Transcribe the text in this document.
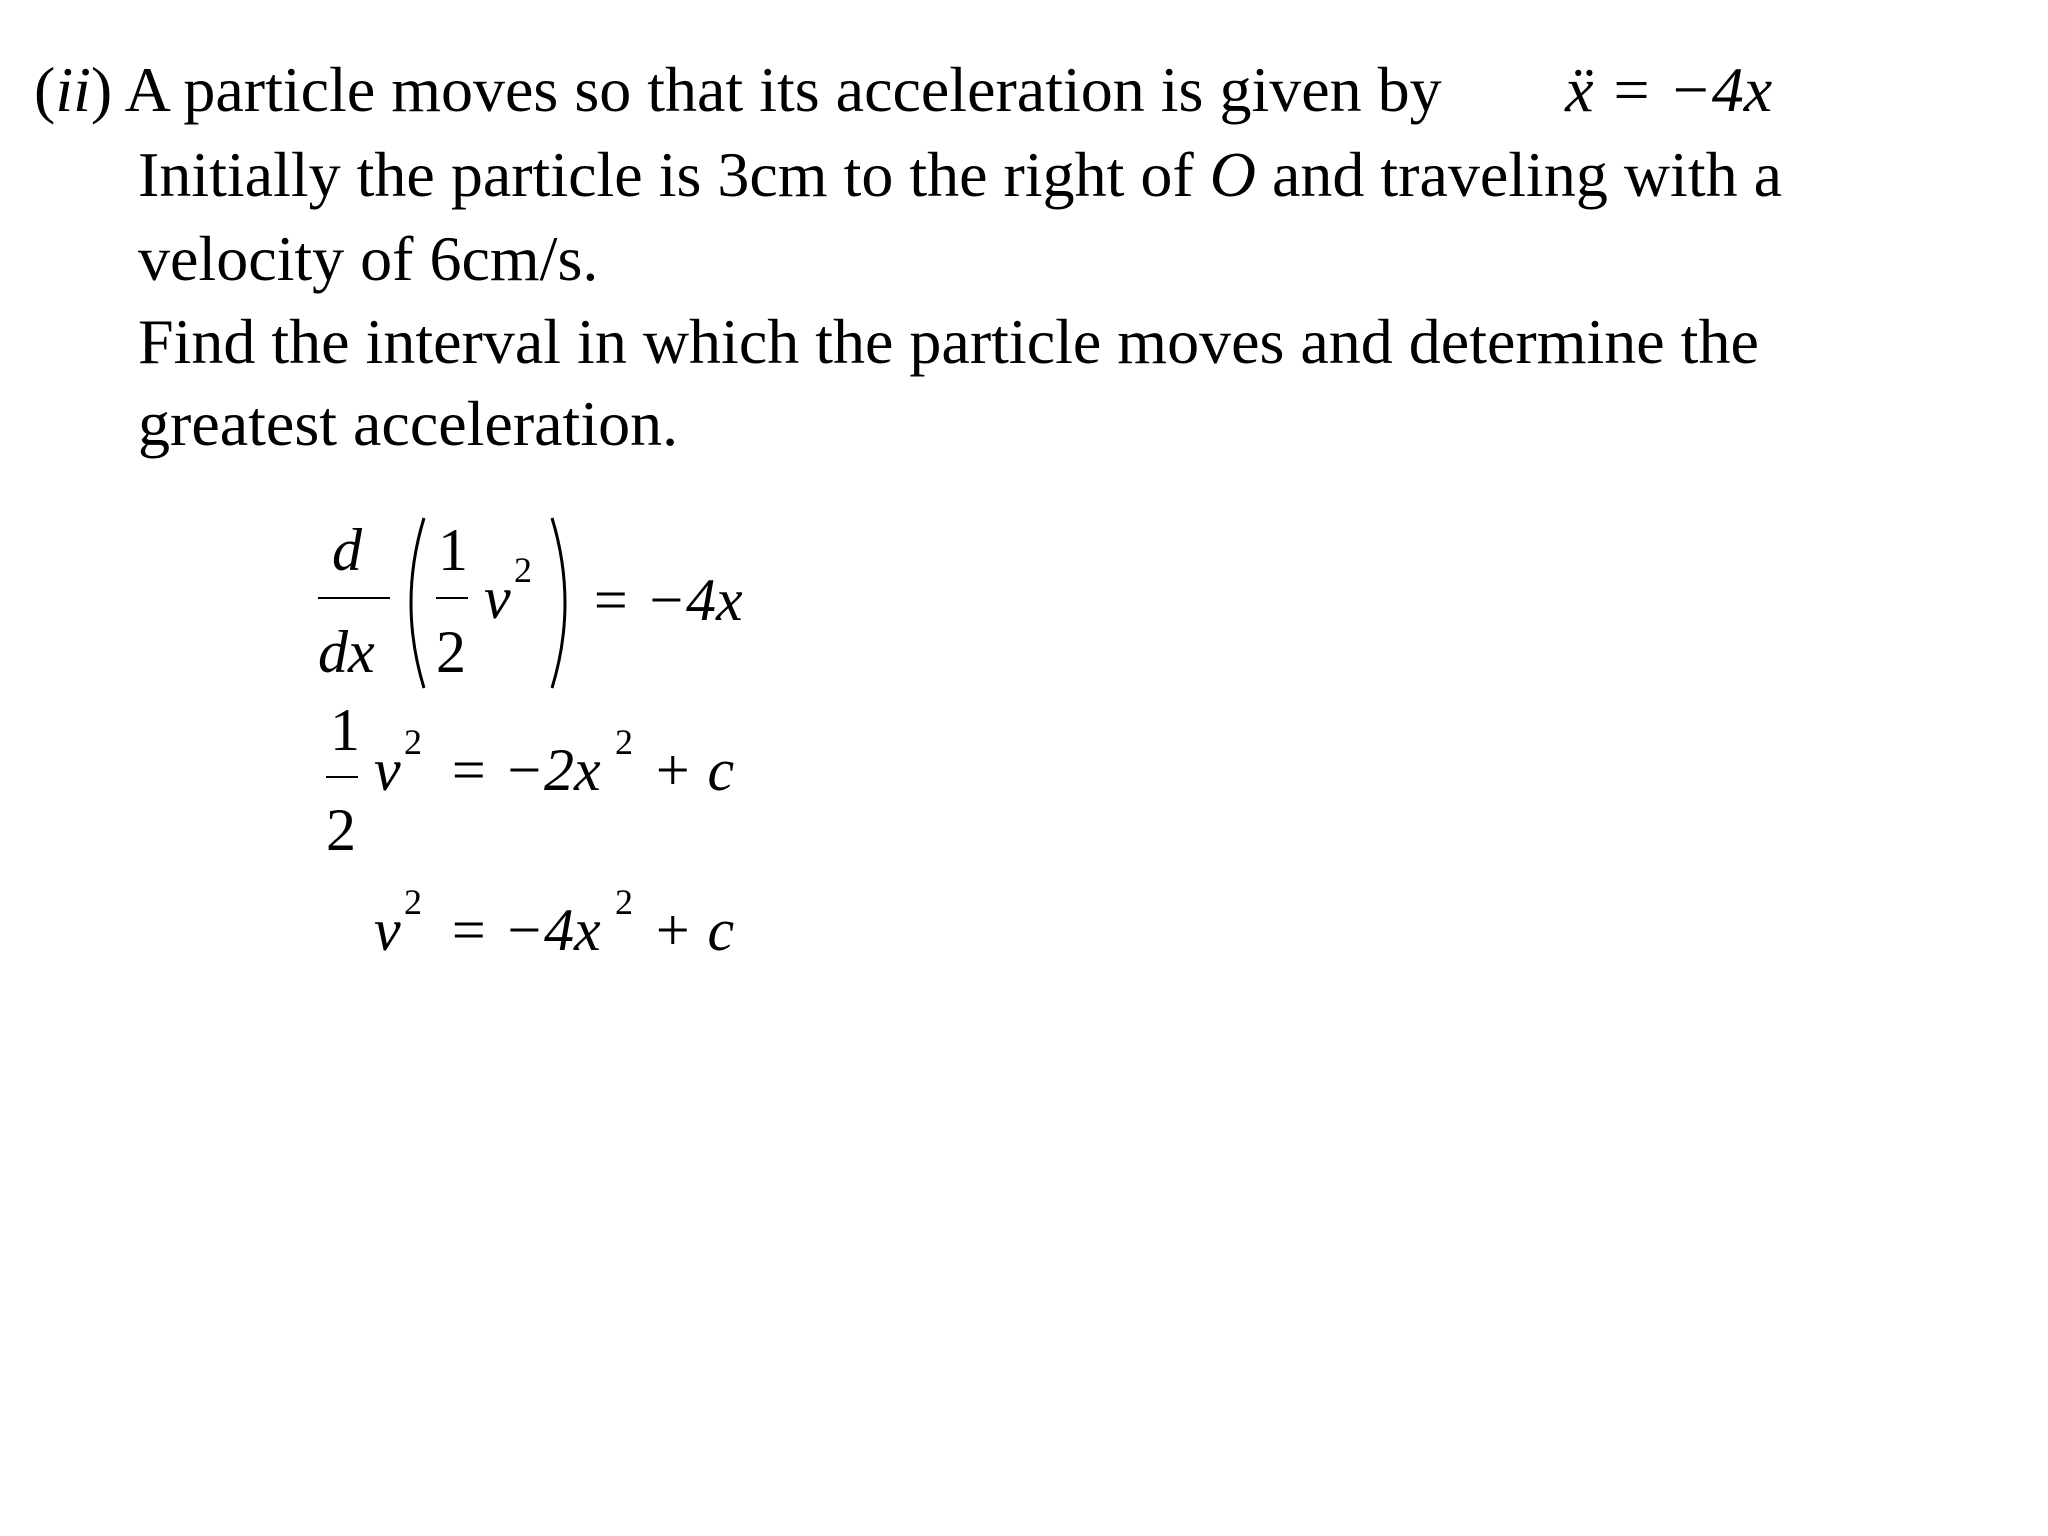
(ii) A particle moves so that its acceleration is given by ẍ = −4x
Initially the particle is 3cm to the right of O and traveling with a
velocity of 6cm/s.
Find the interval in which the particle moves and determine the
greatest acceleration.
d
dx
1
2
v 2 = −4x
1
2
v 2 = −2x 2 + c
v 2 = −4x 2 + c
